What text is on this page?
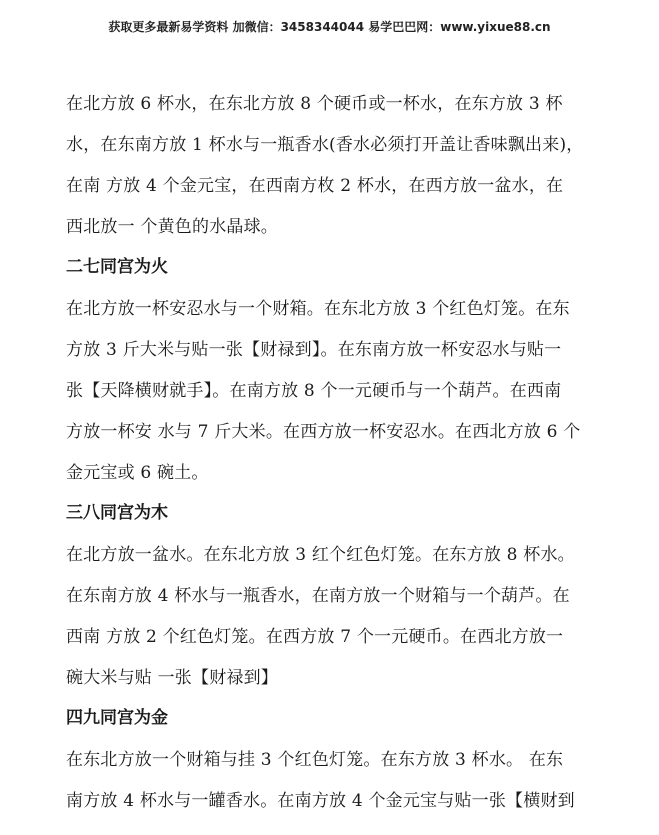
获取更多最新易学资料 加微信：3458344044 易学巴巴网：www.yixue88.cn

在北方放 6 杯水，在东北方放 8 个硬币或一杯水，在东方放 3 杯

水，在东南方放 1 杯水与一瓶香水(香水必须打开盖让香味飘出来)，

在南 方放 4 个金元宝，在西南方枚 2 杯水，在西方放一盆水，在

西北放一 个黄色的水晶球。

二七同宫为火

在北方放一杯安忍水与一个财箱。在东北方放 3 个红色灯笼。在东

方放 3 斤大米与贴一张【财禄到】。在东南方放一杯安忍水与贴一

张【天降横财就手】。在南方放 8 个一元硬币与一个葫芦。在西南

方放一杯安 水与 7 斤大米。在西方放一杯安忍水。在西北方放 6 个

金元宝或 6 碗土。

三八同宫为木

在北方放一盆水。在东北方放 3 红个红色灯笼。在东方放 8 杯水。

在东南方放 4 杯水与一瓶香水，在南方放一个财箱与一个葫芦。在

西南 方放 2 个红色灯笼。在西方放 7 个一元硬币。在西北方放一

碗大米与贴 一张【财禄到】

四九同宫为金

在东北方放一个财箱与挂 3 个红色灯笼。在东方放 3 杯水。 在东

南方放 4 杯水与一罐香水。在南方放 4 个金元宝与贴一张【横财到
